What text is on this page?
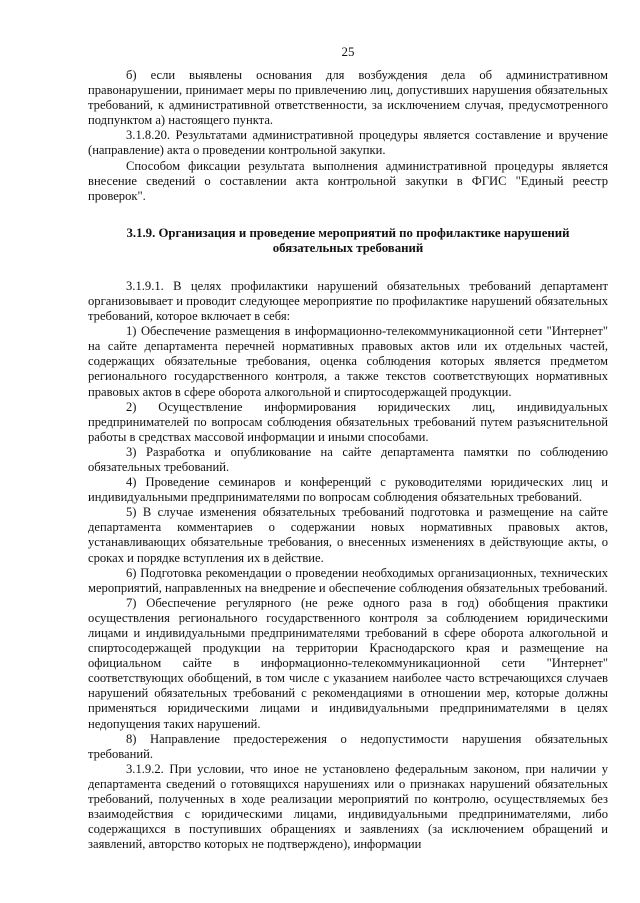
25

б) если выявлены основания для возбуждения дела об административном правонарушении, принимает меры по привлечению лиц, допустивших нарушения обязательных требований, к административной ответственности, за исключением случая, предусмотренного подпунктом а) настоящего пункта.

3.1.8.20. Результатами административной процедуры является составление и вручение (направление) акта о проведении контрольной закупки.

Способом фиксации результата выполнения административной процедуры является внесение сведений о составлении акта контрольной закупки в ФГИС "Единый реестр проверок".

3.1.9. Организация и проведение мероприятий по профилактике нарушений обязательных требований

3.1.9.1. В целях профилактики нарушений обязательных требований департамент организовывает и проводит следующее мероприятие по профилактике нарушений обязательных требований, которое включает в себя:

1) Обеспечение размещения в информационно-телекоммуникационной сети "Интернет" на сайте департамента перечней нормативных правовых актов или их отдельных частей, содержащих обязательные требования, оценка соблюдения которых является предметом регионального государственного контроля, а также текстов соответствующих нормативных правовых актов в сфере оборота алкогольной и спиртосодержащей продукции.

2) Осуществление информирования юридических лиц, индивидуальных предпринимателей по вопросам соблюдения обязательных требований путем разъяснительной работы в средствах массовой информации и иными способами.

3) Разработка и опубликование на сайте департамента памятки по соблюдению обязательных требований.

4) Проведение семинаров и конференций с руководителями юридических лиц и индивидуальными предпринимателями по вопросам соблюдения обязательных требований.

5) В случае изменения обязательных требований подготовка и размещение на сайте департамента комментариев о содержании новых нормативных правовых актов, устанавливающих обязательные требования, о внесенных изменениях в действующие акты, о сроках и порядке вступления их в действие.

6) Подготовка рекомендации о проведении необходимых организационных, технических мероприятий, направленных на внедрение и обеспечение соблюдения обязательных требований.

7) Обеспечение регулярного (не реже одного раза в год) обобщения практики осуществления регионального государственного контроля за соблюдением юридическими лицами и индивидуальными предпринимателями требований в сфере оборота алкогольной и спиртосодержащей продукции на территории Краснодарского края и размещение на официальном сайте в информационно-телекоммуникационной сети "Интернет" соответствующих обобщений, в том числе с указанием наиболее часто встречающихся случаев нарушений обязательных требований с рекомендациями в отношении мер, которые должны применяться юридическими лицами и индивидуальными предпринимателями в целях недопущения таких нарушений.

8) Направление предостережения о недопустимости нарушения обязательных требований.

3.1.9.2. При условии, что иное не установлено федеральным законом, при наличии у департамента сведений о готовящихся нарушениях или о признаках нарушений обязательных требований, полученных в ходе реализации мероприятий по контролю, осуществляемых без взаимодействия с юридическими лицами, индивидуальными предпринимателями, либо содержащихся в поступивших обращениях и заявлениях (за исключением обращений и заявлений, авторство которых не подтверждено), информации
